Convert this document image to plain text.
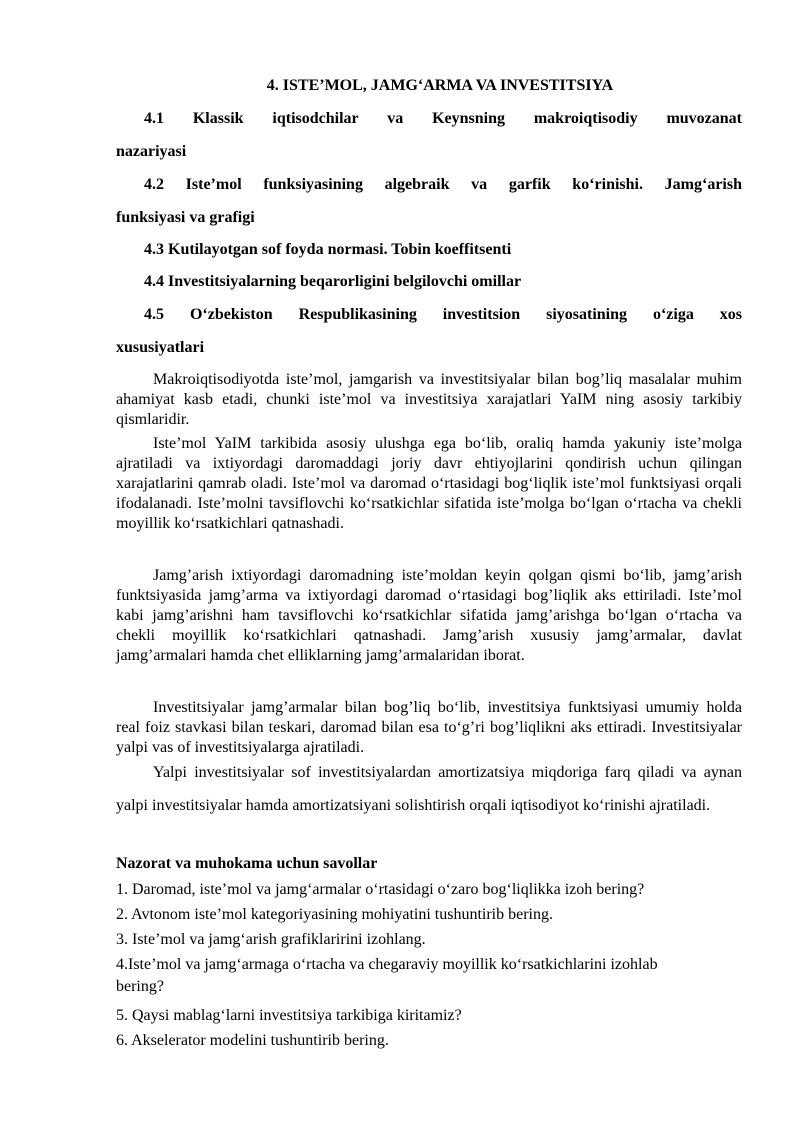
4. ISTE’MOL, JAMGʻARMA VA INVESTITSIYA
4.1 Klassik iqtisodchilar va Keynsning makroiqtisodiy muvozanat
nazariyasi
4.2 Iste’mol funksiyasining algebraik va garfik koʻrinishi. Jamgʻarish
funksiyasi va grafigi
4.3 Kutilayotgan sof foyda normasi. Tobin koeffitsenti
4.4 Investitsiyalarning beqarorligini belgilovchi omillar
4.5 Oʻzbekiston Respublikasining investitsion siyosatining oʻziga xos
xususiyatlari

Makroiqtisodiyotda iste’mol, jamgarish va investitsiyalar bilan bog’liq masalalar muhim ahamiyat kasb etadi, chunki iste’mol va investitsiya xarajatlari YaIM ning asosiy tarkibiy qismlaridir.

Iste’mol YaIM tarkibida asosiy ulushga ega bo‘lib, oraliq hamda yakuniy iste’molga ajratiladi va ixtiyordagi daromaddagi joriy davr ehtiyojlarini qondirish uchun qilingan xarajatlarini qamrab oladi. Iste’mol va daromad o‘rtasidagi bog‘liqlik iste’mol funktsiyasi orqali ifodalanadi. Iste’molni tavsiflovchi ko‘rsatkichlar sifatida iste’molga bo‘lgan o‘rtacha va chekli moyillik ko‘rsatkichlari qatnashadi.

Jamg’arish ixtiyordagi daromadning iste’moldan keyin qolgan qismi bo‘lib, jamg’arish funktsiyasida jamg’arma va ixtiyordagi daromad o‘rtasidagi bog’liqlik aks ettiriladi. Iste’mol kabi jamg’arishni ham tavsiflovchi ko‘rsatkichlar sifatida jamg’arishga bo‘lgan o‘rtacha va chekli moyillik ko‘rsatkichlari qatnashadi. Jamg’arish xususiy jamg’armalar, davlat jamg’armalari hamda chet elliklarning jamg’armalaridan iborat.

Investitsiyalar jamg’armalar bilan bog’liq bo‘lib, investitsiya funktsiyasi umumiy holda real foiz stavkasi bilan teskari, daromad bilan esa to‘g’ri bog’liqlikni aks ettiradi. Investitsiyalar yalpi vas of investitsiyalarga ajratiladi.

Yalpi investitsiyalar sof investitsiyalardan amortizatsiya miqdoriga farq qiladi va aynan yalpi investitsiyalar hamda amortizatsiyani solishtirish orqali iqtisodiyot ko‘rinishi ajratiladi.

Nazorat va muhokama uchun savollar
1. Daromad, iste’mol va jamgʻarmalar oʻrtasidagi oʻzaro bogʻliqlikka izoh bering?
2. Avtonom iste’mol kategoriyasining mohiyatini tushuntirib bering.
3. Iste’mol va jamgʻarish grafiklaririni izohlang.
4.Iste’mol va jamgʻarmaga oʻrtacha va chegaraviy moyillik koʻrsatkichlarini izohlab bering?
5. Qaysi mablagʻlarni investitsiya tarkibiga kiritamiz?
6. Akselerator modelini tushuntirib bering.
